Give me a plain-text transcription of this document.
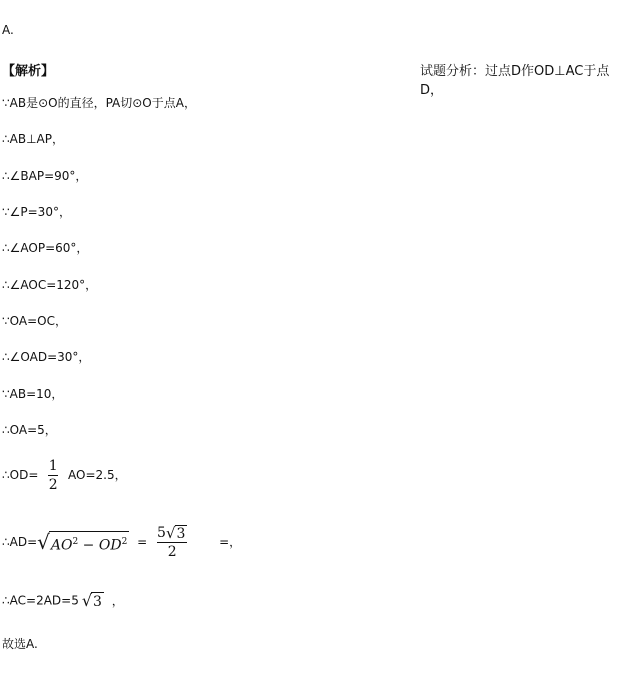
A.
【解析】	试题分析：过点D作OD⊥AC于点D，
∵AB是⊙O的直径，PA切⊙O于点A，
∴AB⊥AP，
∴∠BAP=90°，
∵∠P=30°，
∴∠AOP=60°，
∴∠AOC=120°，
∵OA=OC，
∴∠OAD=30°，
∵AB=10，
∴OA=5，
∴OD= $\frac{1}{2} AO=2.5$，
∴AD= √ $AO^2 - OD^2 = \frac{5 √ 3}{2}$	=，
∴AC=2AD=5 √ 3 ，
故选A.
